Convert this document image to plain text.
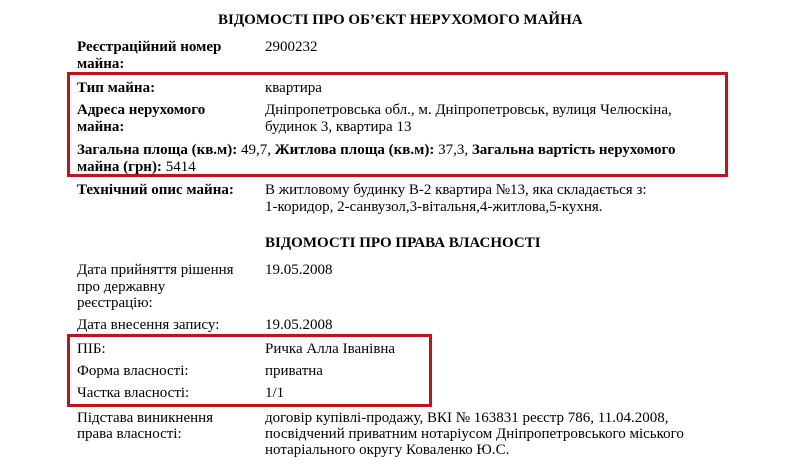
ВІДОМОСТІ ПРО ОБ’ЄКТ НЕРУХОМОГО МАЙНА
Реєстраційний номер
майна:
2900232
Тип майна:	квартира
Адреса нерухомого
майна:
Дніпропетровська обл., м. Дніпропетровськ, вулиця Челюскіна,
будинок 3, квартира 13
Загальна площа (кв.м): 49,7, Житлова площа (кв.м): 37,3, Загальна вартість нерухомого
майна (грн): 5414
Технічний опис майна: В житловому будинку В-2 квартира №13, яка складається з:
1-коридор, 2-санвузол,3-вітальня,4-житлова,5-кухня.
ВІДОМОСТІ ПРО ПРАВА ВЛАСНОСТІ
Дата прийняття рішення
про державну
реєстрацію:
19.05.2008
Дата внесення запису:	19.05.2008
ПІБ:	Ричка Алла Іванівна
Форма власності:	приватна
Частка власності:	1/1
Підстава виникнення
права власності:
договір купівлі-продажу, ВКІ № 163831 реєстр 786, 11.04.2008,
посвідчений приватним нотаріусом Дніпропетровського міського
нотаріального округу Коваленко Ю.С.
